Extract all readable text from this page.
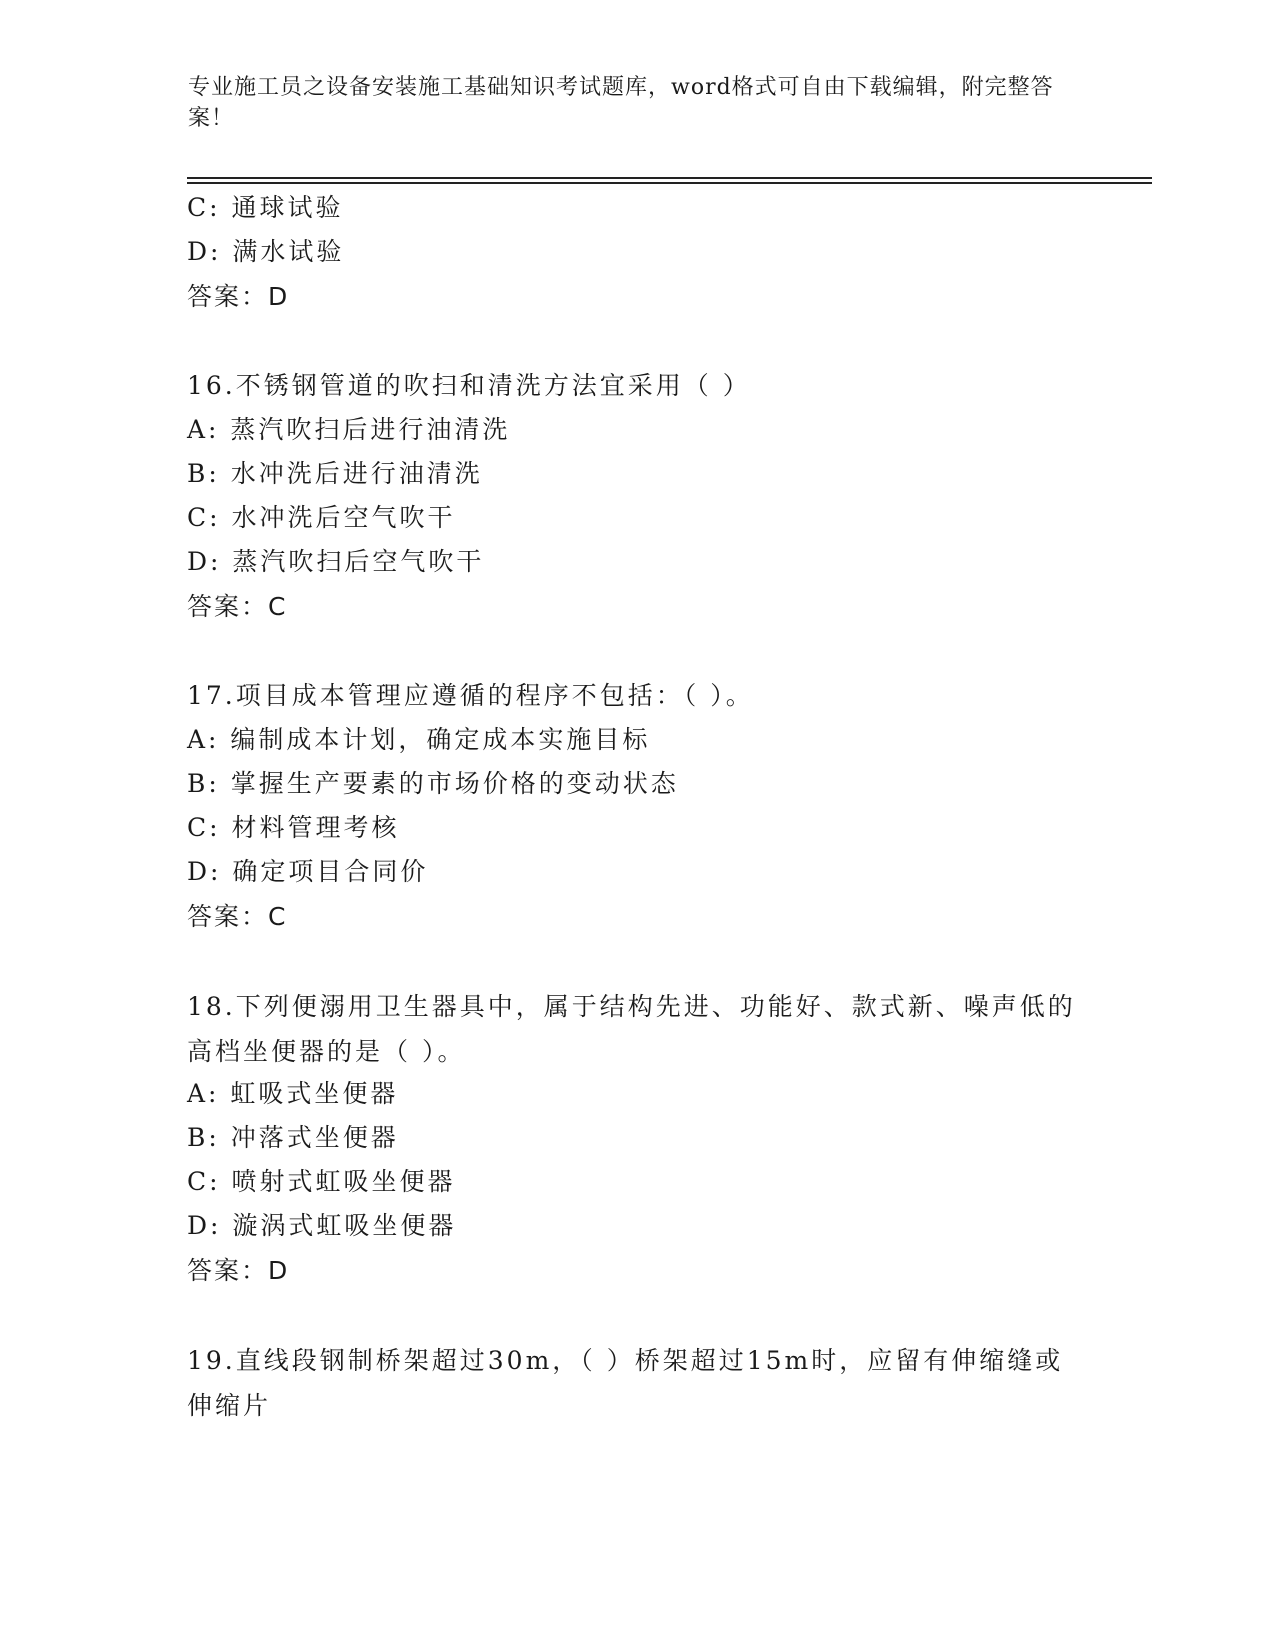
专业施工员之设备安装施工基础知识考试题库，word格式可自由下载编辑，附完整答案！
C: 通球试验
D: 满水试验
答案：D
16.不锈钢管道的吹扫和清洗方法宜采用（ ）
A: 蒸汽吹扫后进行油清洗
B: 水冲洗后进行油清洗
C: 水冲洗后空气吹干
D: 蒸汽吹扫后空气吹干
答案：C
17.项目成本管理应遵循的程序不包括：（ ）。
A: 编制成本计划，确定成本实施目标
B: 掌握生产要素的市场价格的变动状态
C: 材料管理考核
D: 确定项目合同价
答案：C
18.下列便溺用卫生器具中，属于结构先进、功能好、款式新、噪声低的高档坐便器的是（ ）。
A: 虹吸式坐便器
B: 冲落式坐便器
C: 喷射式虹吸坐便器
D: 漩涡式虹吸坐便器
答案：D
19.直线段钢制桥架超过30m，（ ）桥架超过15m时，应留有伸缩缝或伸缩片
